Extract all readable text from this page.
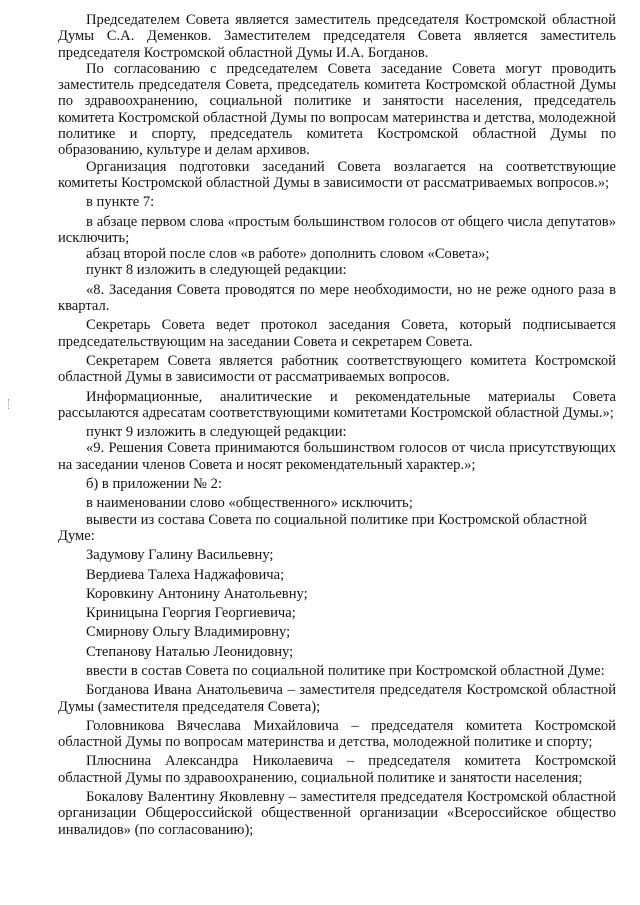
Председателем Совета является заместитель председателя Костромской областной Думы С.А. Деменков. Заместителем председателя Совета является заместитель председателя Костромской областной Думы И.А. Богданов.

По согласованию с председателем Совета заседание Совета могут проводить заместитель председателя Совета, председатель комитета Костромской областной Думы по здравоохранению, социальной политике и занятости населения, председатель комитета Костромской областной Думы по вопросам материнства и детства, молодежной политике и спорту, председатель комитета Костромской областной Думы по образованию, культуре и делам архивов.

Организация подготовки заседаний Совета возлагается на соответствующие комитеты Костромской областной Думы в зависимости от рассматриваемых вопросов.»;

в пункте 7:

в абзаце первом слова «простым большинством голосов от общего числа депутатов» исключить;

абзац второй после слов «в работе» дополнить словом «Совета»;

пункт 8 изложить в следующей редакции:

«8. Заседания Совета проводятся по мере необходимости, но не реже одного раза в квартал.

Секретарь Совета ведет протокол заседания Совета, который подписывается председательствующим на заседании Совета и секретарем Совета.

Секретарем Совета является работник соответствующего комитета Костромской областной Думы в зависимости от рассматриваемых вопросов.

Информационные, аналитические и рекомендательные материалы Совета рассылаются адресатам соответствующими комитетами Костромской областной Думы.»;

пункт 9 изложить в следующей редакции:

«9. Решения Совета принимаются большинством голосов от числа присутствующих на заседании членов Совета и носят рекомендательный характер.»;

б) в приложении № 2:

в наименовании слово «общественного» исключить;

вывести из состава Совета по социальной политике при Костромской областной Думе:

Задумову Галину Васильевну;

Вердиева Талеха Наджафовича;

Коровкину Антонину Анатольевну;

Криницына Георгия Георгиевича;

Смирнову Ольгу Владимировну;

Степанову Наталью Леонидовну;

ввести в состав Совета по социальной политике при Костромской областной Думе:

Богданова Ивана Анатольевича – заместителя председателя Костромской областной Думы (заместителя председателя Совета);

Головникова Вячеслава Михайловича – председателя комитета Костромской областной Думы по вопросам материнства и детства, молодежной политике и спорту;

Плюснина Александра Николаевича – председателя комитета Костромской областной Думы по здравоохранению, социальной политике и занятости населения;

Бокалову Валентину Яковлевну – заместителя председателя Костромской областной организации Общероссийской общественной организации «Всероссийское общество инвалидов» (по согласованию);
